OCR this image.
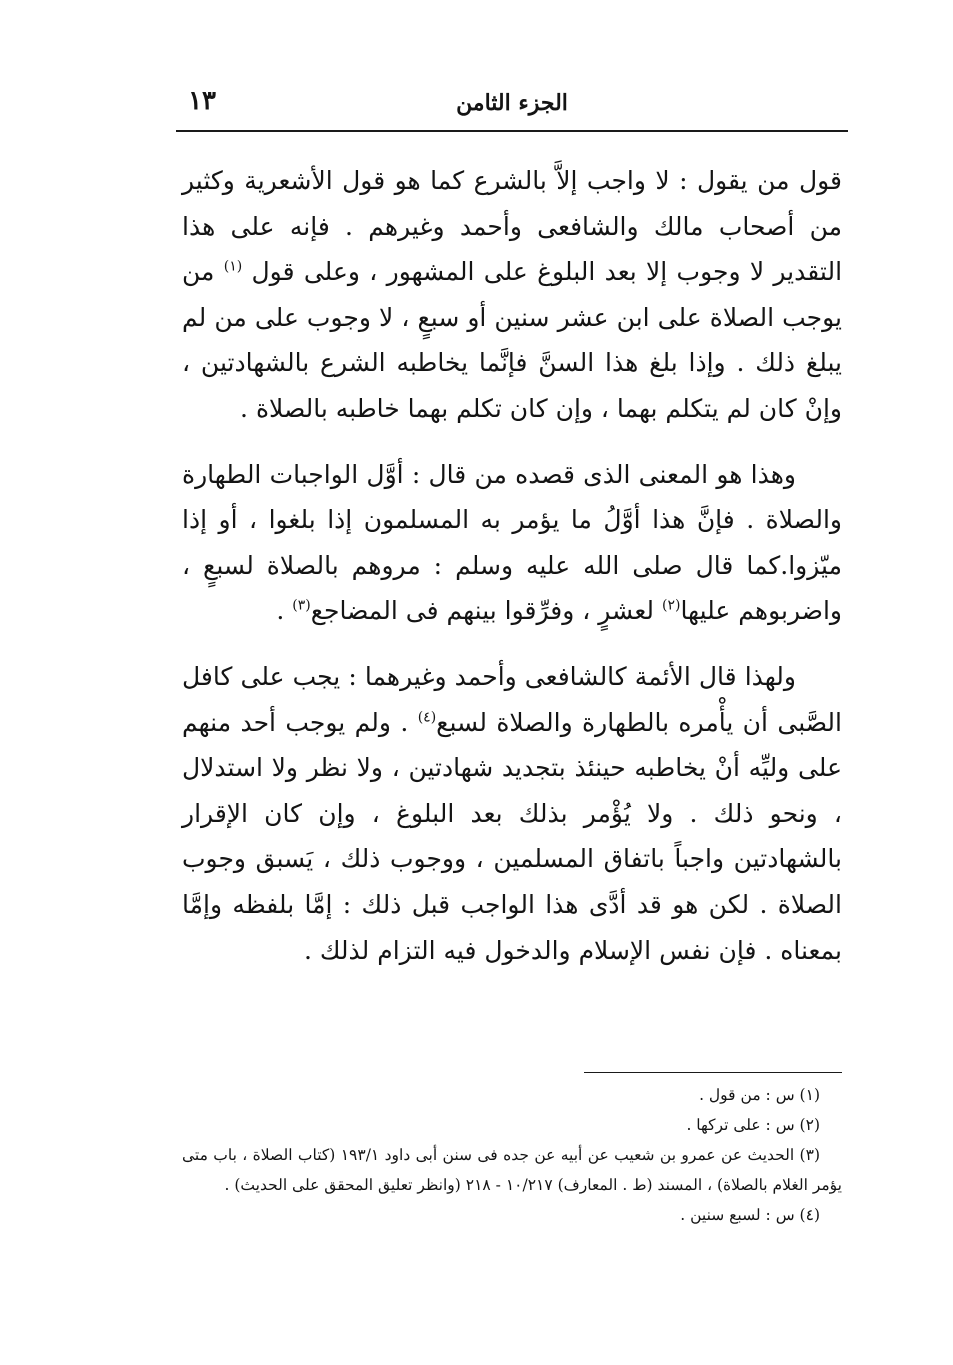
١٣	الجزء الثامن

قول من يقول : لا واجب إلاَّ بالشرع كما هو قول الأشعرية وكثير من أصحاب مالك والشافعى وأحمد وغيرهم . فإنه على هذا التقدير لا وجوب إلا بعد البلوغ على المشهور ، وعلى قول $^{(١)}$ من يوجب الصلاة على ابن عشر سنين أو سبعٍ ، لا وجوب على من لم يبلغ ذلك . وإذا بلغ هذا السنَّ فإنَّما يخاطبه الشرع بالشهادتين ، وإنْ كان لم يتكلم بهما ، وإن كان تكلم بهما خاطبه بالصلاة .

وهذا هو المعنى الذى قصده من قال : أوَّل الواجبات الطهارة والصلاة . فإنَّ هذا أوَّلُ ما يؤمر به المسلمون إذا بلغوا ، أو إذا ميّزوا.كما قال صلى الله عليه وسلم : مروهم بالصلاة لسبعٍ ، واضربوهم عليها$^{(٢)}$ لعشرٍ ، وفرِّقوا بينهم فى المضاجع$^{(٣)}$ .

ولهذا قال الأئمة كالشافعى وأحمد وغيرهما : يجب على كافل الصَّبى أن يأْمره بالطهارة والصلاة لسبع$^{(٤)}$ . ولم يوجب أحد منهم على وليِّه أنْ يخاطبه حينئذ بتجديد شهادتين ، ولا نظر ولا استدلال ، ونحو ذلك . ولا يُؤْمر بذلك بعد البلوغ ، وإن كان الإقرار بالشهادتين واجباً باتفاق المسلمين ، ووجوب ذلك ، يَسبق وجوب الصلاة . لكن هو قد أدَّى هذا الواجب قبل ذلك : إمَّا بلفظه وإمَّا بمعناه . فإن نفس الإسلام والدخول فيه التزام لذلك .

(١) س : من قول .

(٢) س : على تركها .

(٣) الحديث عن عمرو بن شعيب عن أبيه عن جده فى سنن أبى داود ١٩٣/١ (كتاب الصلاة ، باب متى يؤمر الغلام بالصلاة) ، المسند (ط . المعارف) ١٠/٢١٧ - ٢١٨ (وانظر تعليق المحقق على الحديث) .

(٤) س : لسبع سنين .
